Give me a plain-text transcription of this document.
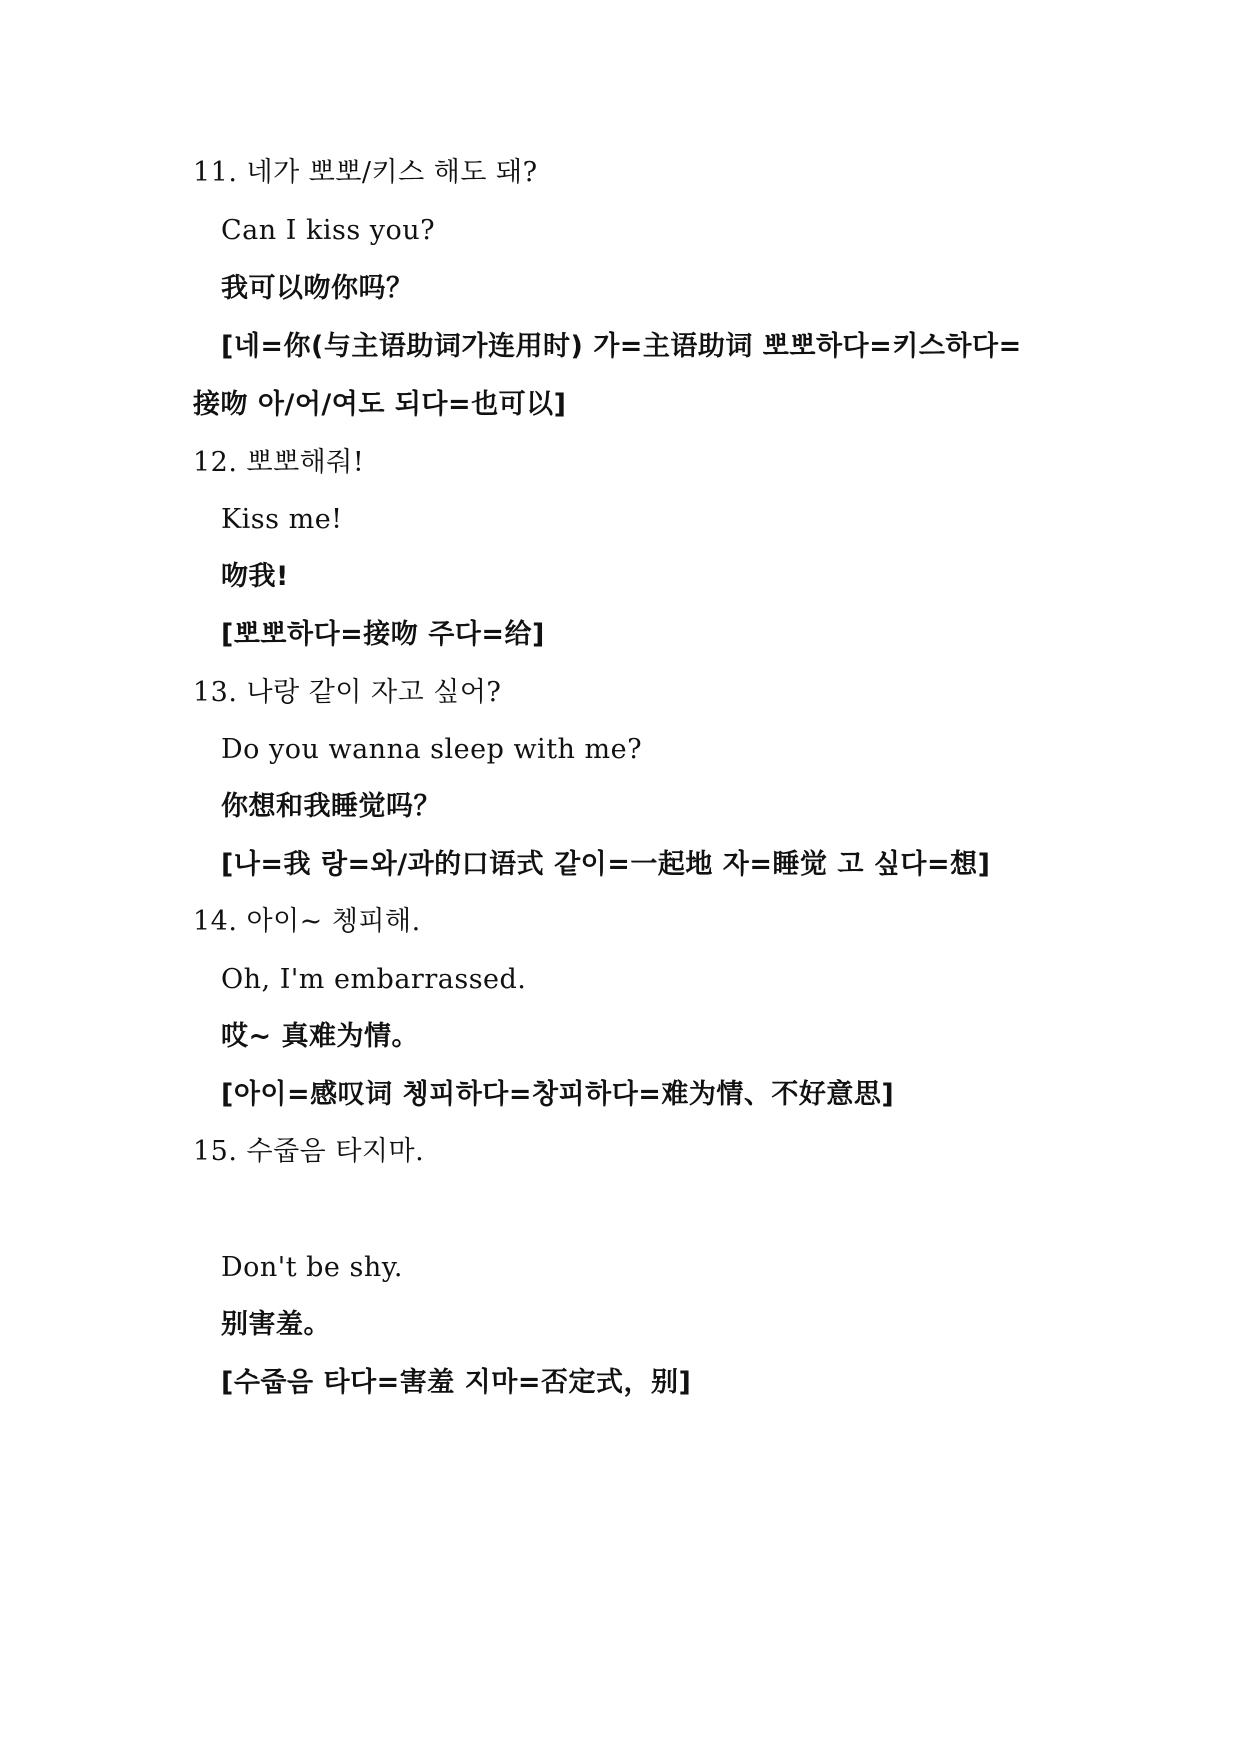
11. 네가 뽀뽀/키스 해도 돼?
Can I kiss you?
我可以吻你吗？
[네=你(与主语助词가连用时) 가=主语助词 뽀뽀하다=키스하다=
接吻 아/어/여도 되다=也可以]
12. 뽀뽀해줘!
Kiss me!
吻我!
[뽀뽀하다=接吻 주다=给]
13. 나랑 같이 자고 싶어?
Do you wanna sleep with me?
你想和我睡觉吗？
[나=我 랑=와/과的口语式 같이=一起地 자=睡觉 고 싶다=想]
14. 아이~ 쳉피해.
Oh, I'm embarrassed.
哎~ 真难为情。
[아이=感叹词 쳉피하다=창피하다=难为情、不好意思]
15. 수줍음 타지마.
Don't be shy.
别害羞。
[수줍음 타다=害羞 지마=否定式，别]
